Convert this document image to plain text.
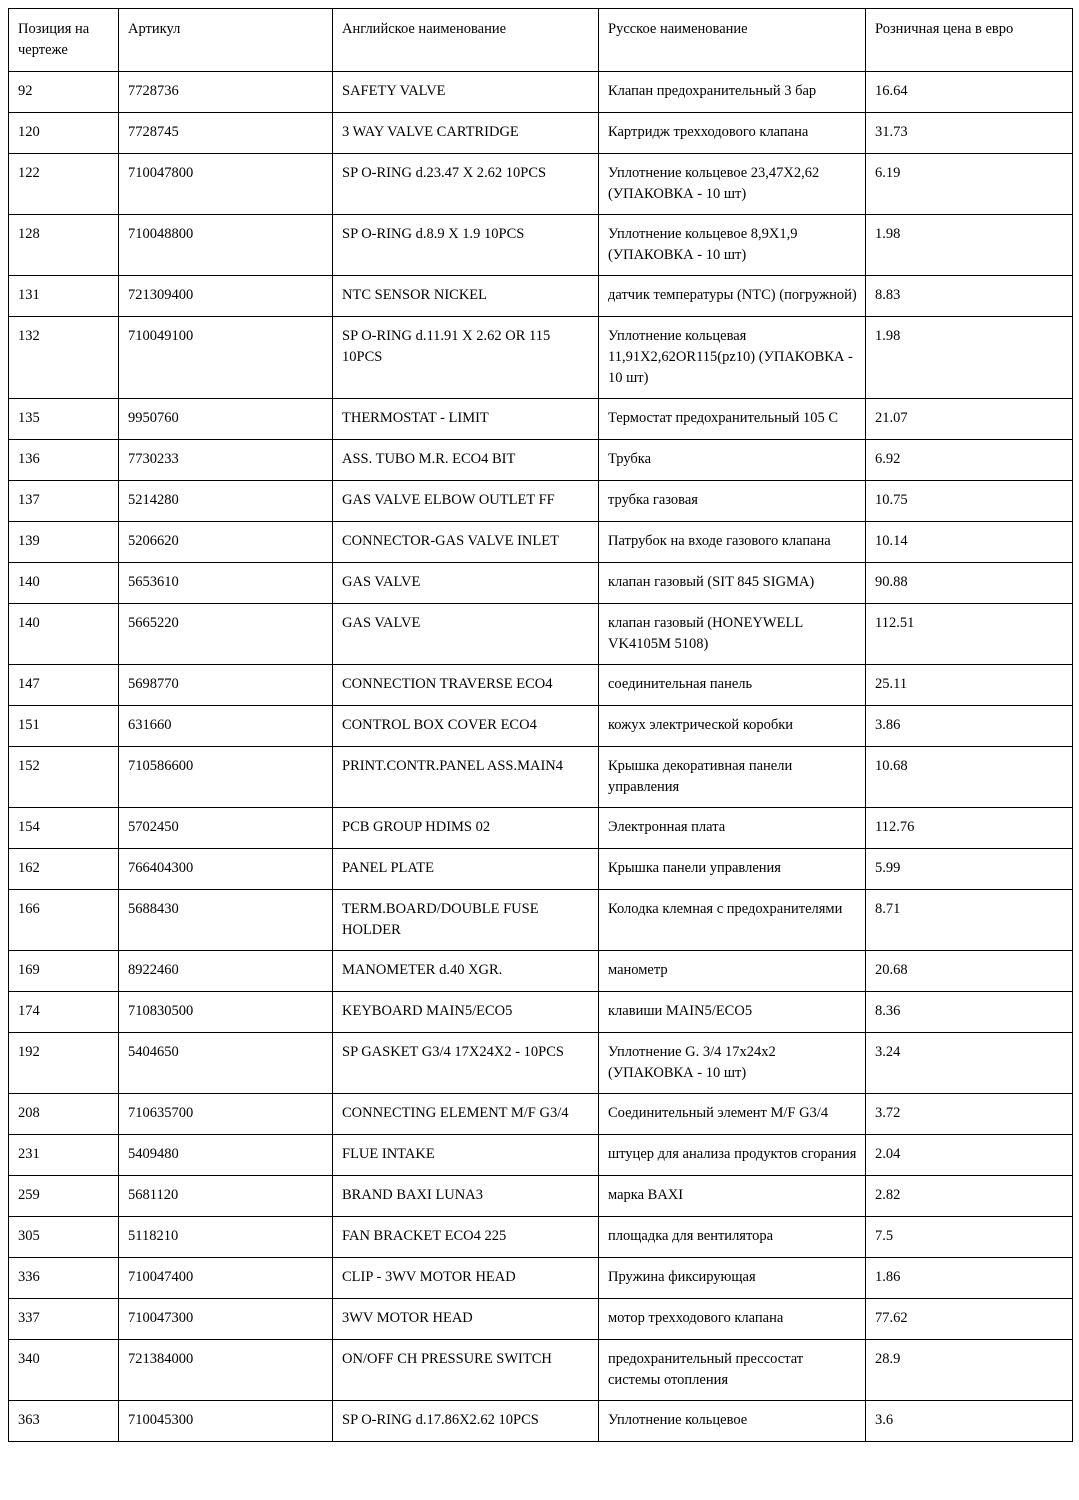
Позиция на чертеже	Артикул	Английское наименование	Русское наименование	Розничная цена в евро
92	7728736	SAFETY VALVE	Клапан предохранительный 3 бар	16.64
120	7728745	3 WAY VALVE CARTRIDGE	Картридж трехходового клапана	31.73
122	710047800	SP O-RING d.23.47 X 2.62 10PCS	Уплотнение кольцевое 23,47X2,62 (УПАКОВКА - 10 шт)	6.19
128	710048800	SP O-RING d.8.9 X 1.9 10PCS	Уплотнение кольцевое 8,9X1,9 (УПАКОВКА - 10 шт)	1.98
131	721309400	NTC SENSOR NICKEL	датчик температуры (NTC) (погружной)	8.83
132	710049100	SP O-RING d.11.91 X 2.62 OR 115 10PCS	Уплотнение кольцевая 11,91X2,62OR115(pz10) (УПАКОВКА - 10 шт)	1.98
135	9950760	THERMOSTAT - LIMIT	Термостат предохранительный 105 С	21.07
136	7730233	ASS. TUBO M.R. ECO4 BIT	Трубка	6.92
137	5214280	GAS VALVE ELBOW OUTLET FF	трубка газовая	10.75
139	5206620	CONNECTOR-GAS VALVE INLET	Патрубок на входе газового клапана	10.14
140	5653610	GAS VALVE	клапан газовый (SIT 845 SIGMA)	90.88
140	5665220	GAS VALVE	клапан газовый (HONEYWELL VK4105M 5108)	112.51
147	5698770	CONNECTION TRAVERSE ECO4	соединительная панель	25.11
151	631660	CONTROL BOX COVER ECO4	кожух электрической коробки	3.86
152	710586600	PRINT.CONTR.PANEL ASS.MAIN4	Крышка декоративная панели управления	10.68
154	5702450	PCB GROUP HDIMS 02	Электронная плата	112.76
162	766404300	PANEL PLATE	Крышка панели управления	5.99
166	5688430	TERM.BOARD/DOUBLE FUSE HOLDER	Колодка клемная с предохранителями	8.71
169	8922460	MANOMETER d.40 XGR.	манометр	20.68
174	710830500	KEYBOARD MAIN5/ECO5	клавиши MAIN5/ECO5	8.36
192	5404650	SP GASKET G3/4 17X24X2 - 10PCS	Уплотнение G. 3/4 17x24x2 (УПАКОВКА - 10 шт)	3.24
208	710635700	CONNECTING ELEMENT M/F G3/4	Соединительный элемент M/F G3/4	3.72
231	5409480	FLUE INTAKE	штуцер для анализа продуктов сгорания	2.04
259	5681120	BRAND BAXI LUNA3	марка BAXI	2.82
305	5118210	FAN BRACKET ECO4 225	площадка для вентилятора	7.5
336	710047400	CLIP - 3WV MOTOR HEAD	Пружина фиксирующая	1.86
337	710047300	3WV MOTOR HEAD	мотор трехходового клапана	77.62
340	721384000	ON/OFF CH PRESSURE SWITCH	предохранительный прессостат системы отопления	28.9
363	710045300	SP O-RING d.17.86X2.62 10PCS	Уплотнение кольцевое	3.6
